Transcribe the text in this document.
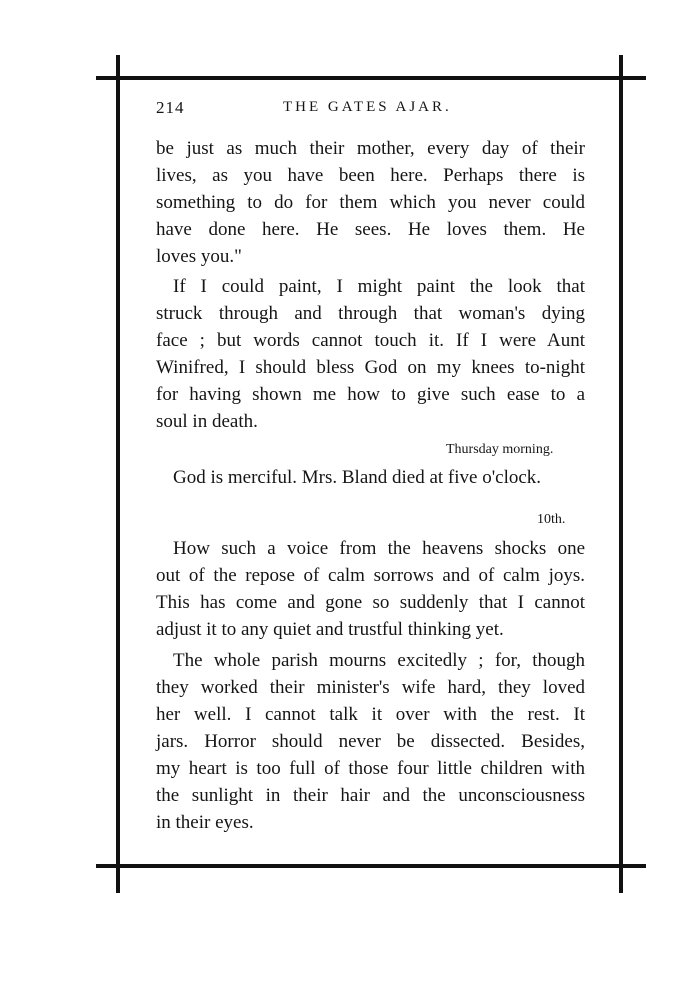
214	THE GATES AJAR.
be just as much their mother, every day of their
lives, as you have been here. Perhaps there is
something to do for them which you never could
have done here. He sees. He loves them. He
loves you."
If I could paint, I might paint the look that
struck through and through that woman's dying
face ; but words cannot touch it. If I were Aunt
Winifred, I should bless God on my knees to-night
for having shown me how to give such ease to a
soul in death.
Thursday morning.
God is merciful. Mrs. Bland died at five o'clock.
10th.
How such a voice from the heavens shocks one
out of the repose of calm sorrows and of calm joys.
This has come and gone so suddenly that I cannot
adjust it to any quiet and trustful thinking yet.
The whole parish mourns excitedly ; for, though
they worked their minister's wife hard, they loved
her well. I cannot talk it over with the rest. It
jars. Horror should never be dissected. Besides,
my heart is too full of those four little children with
the sunlight in their hair and the unconsciousness
in their eyes.
